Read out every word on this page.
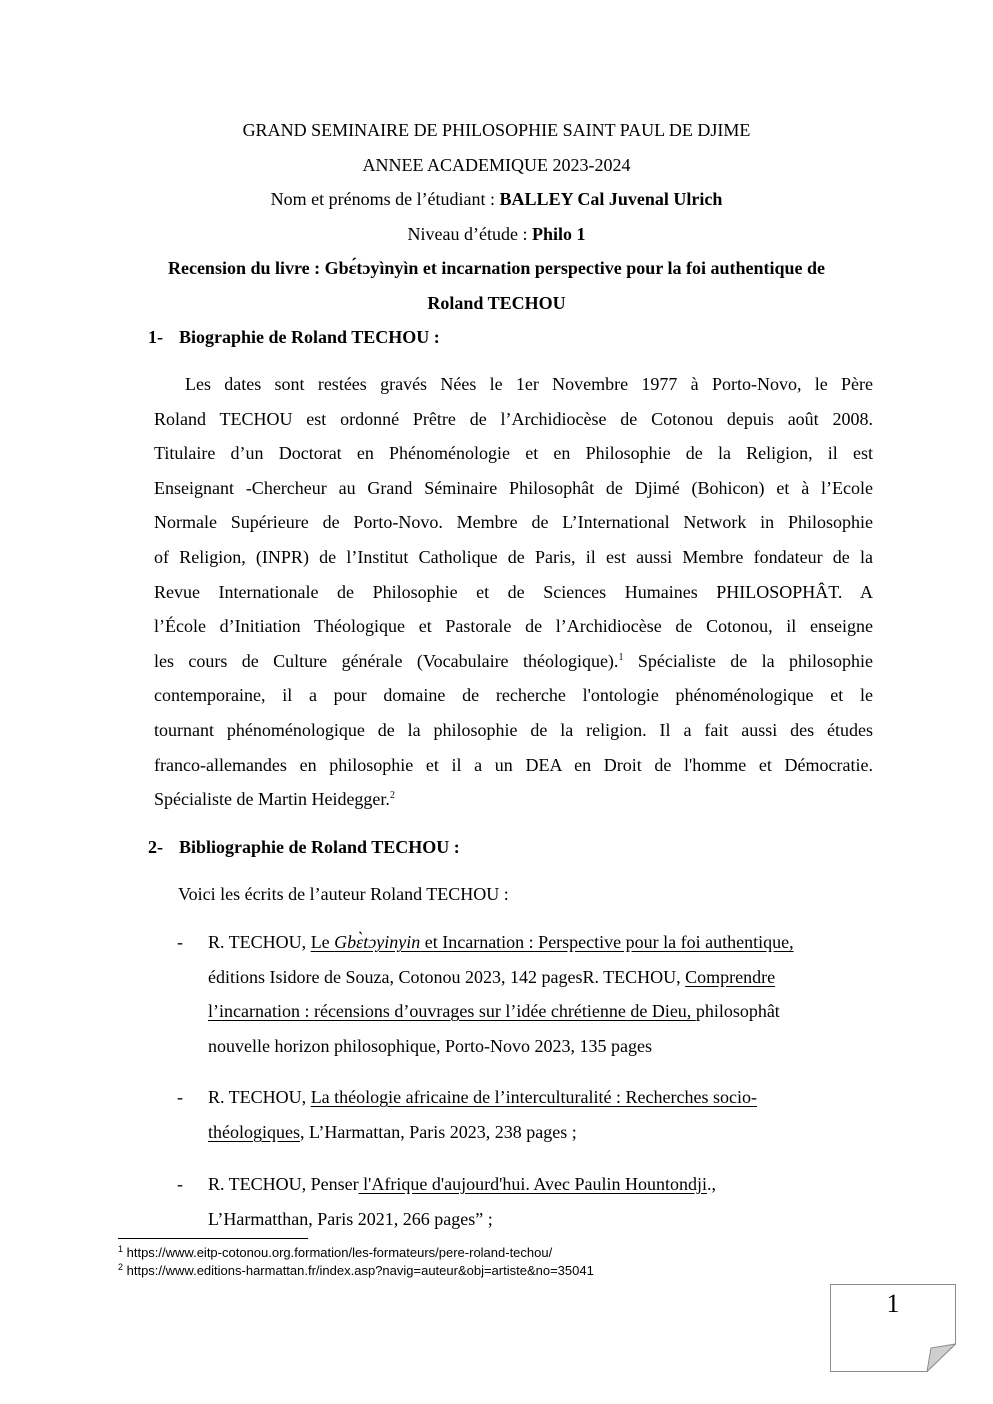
GRAND SEMINAIRE DE PHILOSOPHIE SAINT PAUL DE DJIME
ANNEE ACADEMIQUE 2023-2024
Nom et prénoms de l’étudiant : BALLEY Cal Juvenal Ulrich
Niveau d’étude : Philo 1
Recension du livre : Gbɛ́tɔyìnyìn et incarnation perspective pour la foi authentique de
Roland TECHOU
1- Biographie de Roland TECHOU :
Les dates sont restées gravés Nées le 1er Novembre 1977 à Porto-Novo, le Père
Roland TECHOU est ordonné Prêtre de l’Archidiocèse de Cotonou depuis août 2008.
Titulaire d’un Doctorat en Phénoménologie et en Philosophie de la Religion, il est
Enseignant -Chercheur au Grand Séminaire Philosophât de Djimé (Bohicon) et à l’Ecole
Normale Supérieure de Porto-Novo. Membre de L’International Network in Philosophie
of Religion, (INPR) de l’Institut Catholique de Paris, il est aussi Membre fondateur de la
Revue Internationale de Philosophie et de Sciences Humaines PHILOSOPHÂT. A
l’École d’Initiation Théologique et Pastorale de l’Archidiocèse de Cotonou, il enseigne
les cours de Culture générale (Vocabulaire théologique).$^1$ Spécialiste de la philosophie
contemporaine, il a pour domaine de recherche l'ontologie phénoménologique et le
tournant phénoménologique de la philosophie de la religion. Il a fait aussi des études
franco-allemandes en philosophie et il a un DEA en Droit de l'homme et Démocratie.
Spécialiste de Martin Heidegger.$^2$
2- Bibliographie de Roland TECHOU :
Voici les écrits de l’auteur Roland TECHOU :
- R. TECHOU, Le Gbɛ̀tɔyinyin et Incarnation : Perspective pour la foi authentique,
éditions Isidore de Souza, Cotonou 2023, 142 pagesR. TECHOU, Comprendre
l’incarnation : récensions d’ouvrages sur l’idée chrétienne de Dieu, philosophât
nouvelle horizon philosophique, Porto-Novo 2023, 135 pages
- R. TECHOU, La théologie africaine de l’interculturalité : Recherches socio-
théologiques, L’Harmattan, Paris 2023, 238 pages ;
- R. TECHOU, Penser l'Afrique d'aujourd'hui. Avec Paulin Hountondji.,
L’Harmatthan, Paris 2021, 266 pages” ;
$^1$ https://www.eitp-cotonou.org.formation/les-formateurs/pere-roland-techou/
$^2$ https://www.editions-harmattan.fr/index.asp?navig=auteur&obj=artiste&no=35041
1
